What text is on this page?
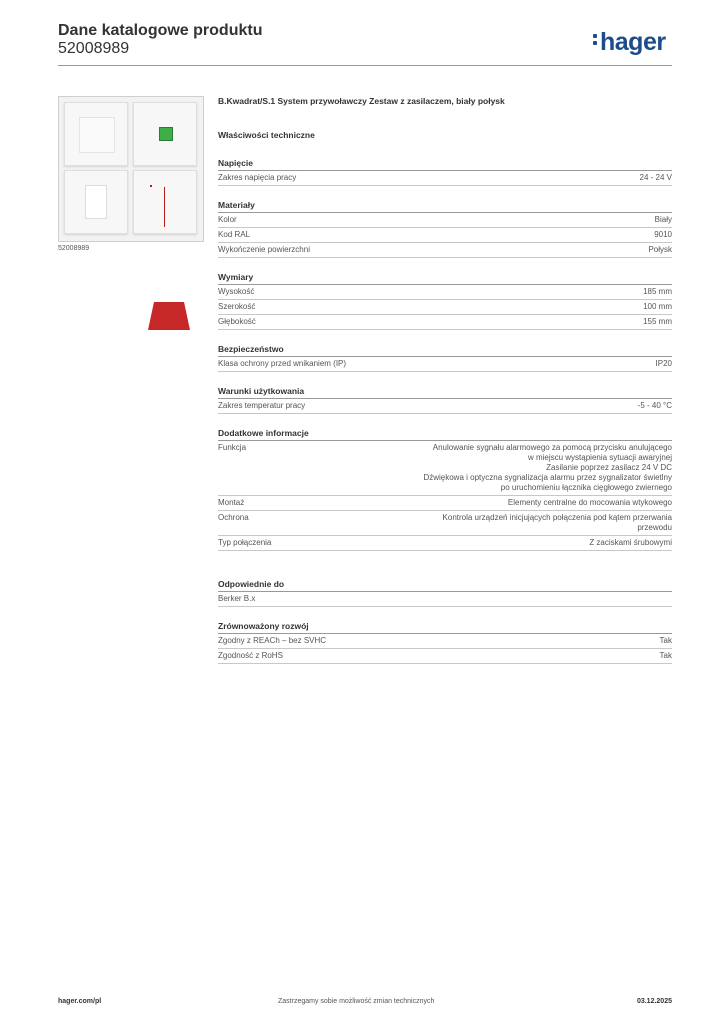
Dane katalogowe produktu
52008989	hager
52008989
B.Kwadrat/S.1 System przywoławczy Zestaw z zasilaczem, biały połysk
Właściwości techniczne
Napięcie
Zakres napięcia pracy	24 - 24 V
Materiały
Kolor	Biały
Kod RAL	9010
Wykończenie powierzchni	Połysk
Wymiary
Wysokość	185 mm
Szerokość	100 mm
Głębokość	155 mm
Bezpieczeństwo
Klasa ochrony przed wnikaniem (IP)	IP20
Warunki użytkowania
Zakres temperatur pracy	-5 - 40 °C
Dodatkowe informacje
Funkcja	Anulowanie sygnału alarmowego za pomocą przycisku anulującego
w miejscu wystąpienia sytuacji awaryjnej
Zasilanie poprzez zasilacz 24 V DC
Dźwiękowa i optyczna sygnalizacja alarmu przez sygnalizator świetlny
po uruchomieniu łącznika cięgłowego zwiernego
Montaż	Elementy centralne do mocowania wtykowego
Ochrona	Kontrola urządzeń inicjujących połączenia pod kątem przerwania
przewodu
Typ połączenia	Z zaciskami śrubowymi
Odpowiednie do
Berker B.x

Zrównoważony rozwój
Zgodny z REACh – bez SVHC	Tak
Zgodność z RoHS	Tak
hager.com/pl	Zastrzegamy sobie możliwość zmian technicznych	03.12.2025
